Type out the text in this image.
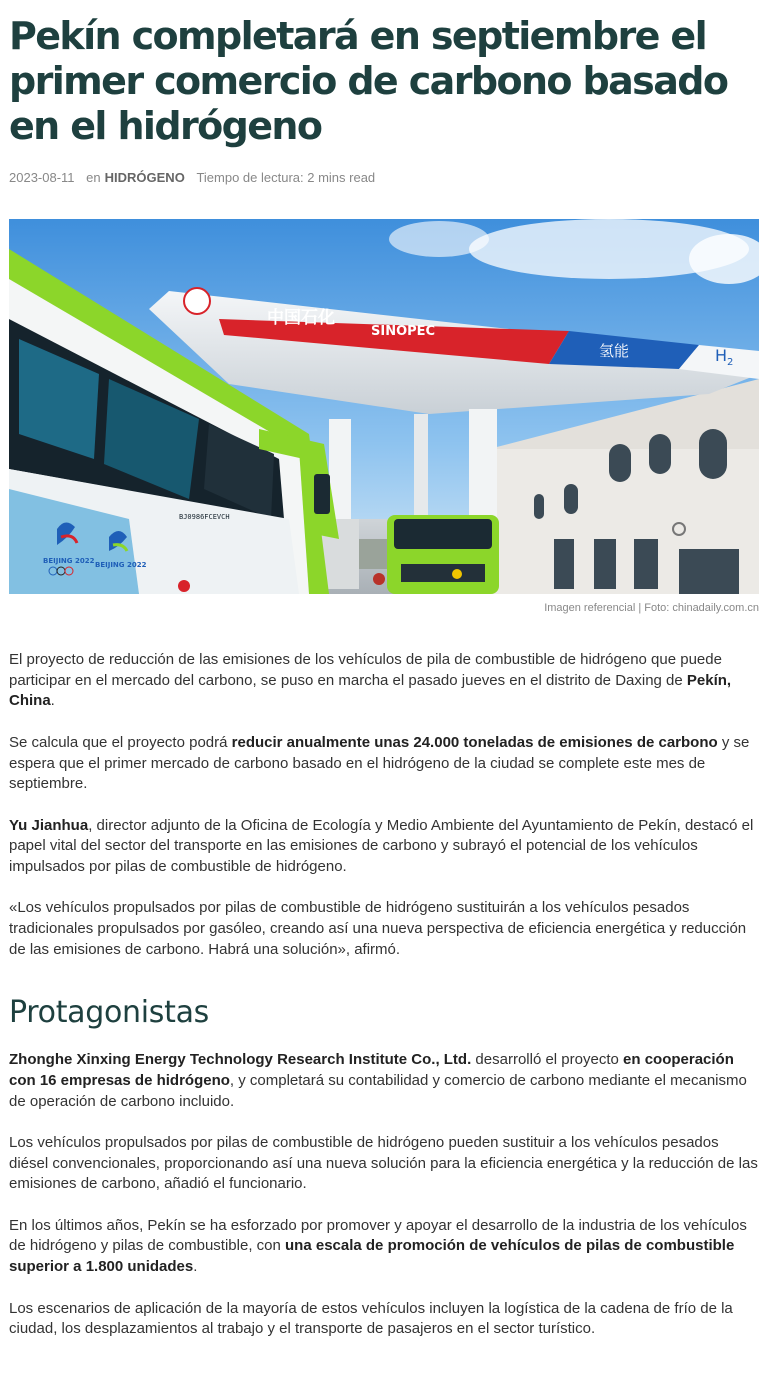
Pekín completará en septiembre el primer comercio de carbono basado en el hidrógeno
2023-08-11 en HIDRÓGENO Tiempo de lectura: 2 mins read
中国石化
SINOPEC
氢能	$H_2$
BJ0986FCEVCH
BEIJING 2022 BEIJING 2022
Imagen referencial | Foto: chinadaily.com.cn

El proyecto de reducción de las emisiones de los vehículos de pila de combustible de hidrógeno que puede participar en el mercado del carbono, se puso en marcha el pasado jueves en el distrito de Daxing de Pekín, China.

Se calcula que el proyecto podrá reducir anualmente unas 24.000 toneladas de emisiones de carbono y se espera que el primer mercado de carbono basado en el hidrógeno de la ciudad se complete este mes de septiembre.

Yu Jianhua, director adjunto de la Oficina de Ecología y Medio Ambiente del Ayuntamiento de Pekín, destacó el papel vital del sector del transporte en las emisiones de carbono y subrayó el potencial de los vehículos impulsados por pilas de combustible de hidrógeno.

«Los vehículos propulsados por pilas de combustible de hidrógeno sustituirán a los vehículos pesados tradicionales propulsados por gasóleo, creando así una nueva perspectiva de eficiencia energética y reducción de las emisiones de carbono. Habrá una solución», afirmó.

Protagonistas

Zhonghe Xinxing Energy Technology Research Institute Co., Ltd. desarrolló el proyecto en cooperación con 16 empresas de hidrógeno, y completará su contabilidad y comercio de carbono mediante el mecanismo de operación de carbono incluido.

Los vehículos propulsados por pilas de combustible de hidrógeno pueden sustituir a los vehículos pesados diésel convencionales, proporcionando así una nueva solución para la eficiencia energética y la reducción de las emisiones de carbono, añadió el funcionario.

En los últimos años, Pekín se ha esforzado por promover y apoyar el desarrollo de la industria de los vehículos de hidrógeno y pilas de combustible, con una escala de promoción de vehículos de pilas de combustible superior a 1.800 unidades.

Los escenarios de aplicación de la mayoría de estos vehículos incluyen la logística de la cadena de frío de la ciudad, los desplazamientos al trabajo y el transporte de pasajeros en el sector turístico.
